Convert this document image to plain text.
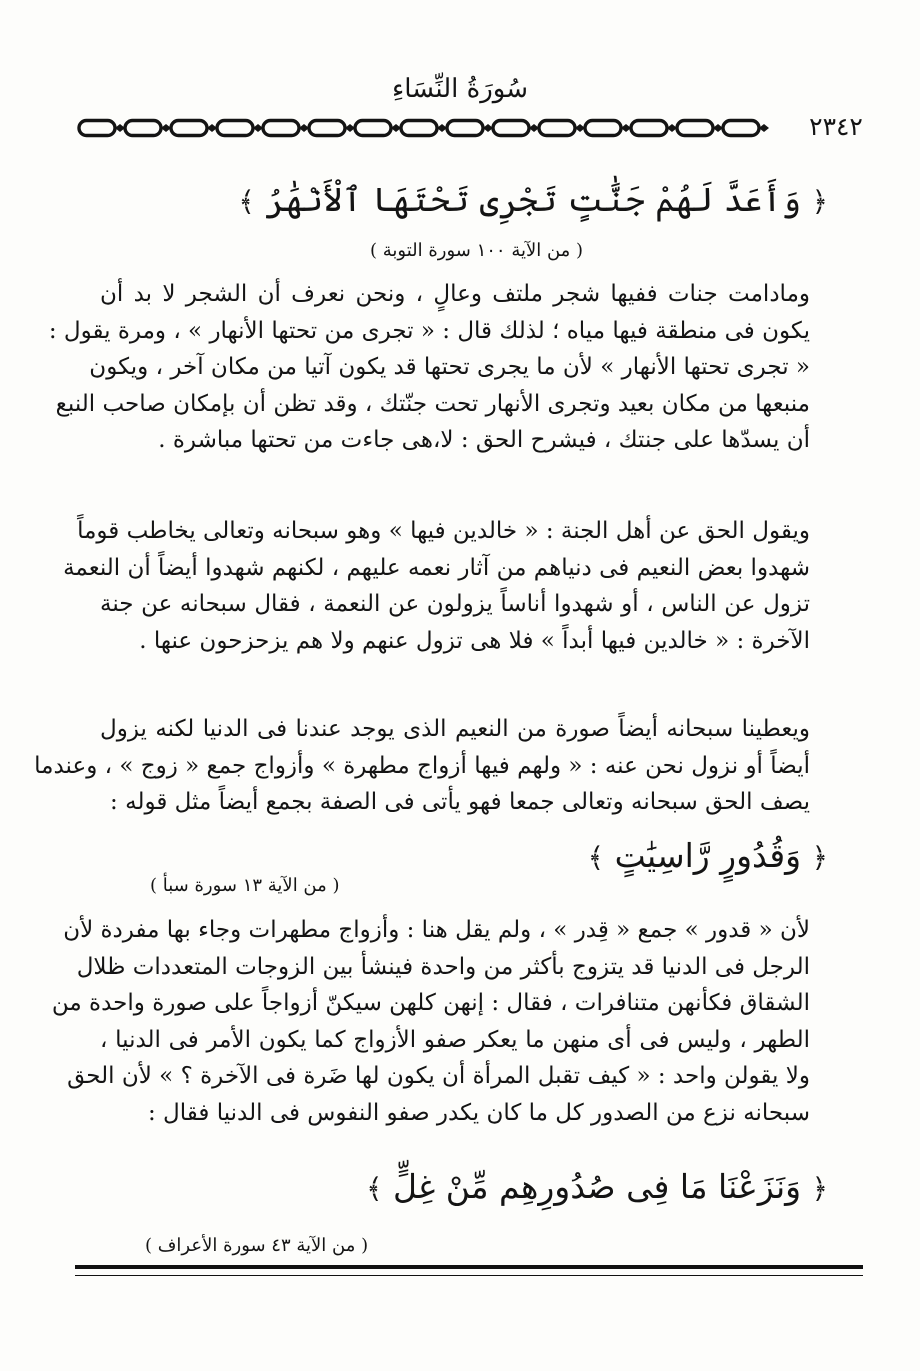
سُورَةُ النِّسَاءِ
٢٣٤٢
﴿ وَأَعَدَّ لَهُمْ جَنَّٰتٍ تَجْرِى تَحْتَهَا ٱلْأَنْهَٰرُ ﴾
( من الآية ١٠٠ سورة التوبة )
ومادامت جنات ففيها شجر ملتف وعالٍ ، ونحن نعرف أن الشجر لا بد أن
يكون فى منطقة فيها مياه ؛ لذلك قال : « تجرى من تحتها الأنهار » ، ومرة يقول :
« تجرى تحتها الأنهار » لأن ما يجرى تحتها قد يكون آتيا من مكان آخر ، ويكون
منبعها من مكان بعيد وتجرى الأنهار تحت جنّتك ، وقد تظن أن بإمكان صاحب النبع
أن يسدّها على جنتك ، فيشرح الحق : لا،هى جاءت من تحتها مباشرة .
ويقول الحق عن أهل الجنة : « خالدين فيها » وهو سبحانه وتعالى يخاطب قوماً
شهدوا بعض النعيم فى دنياهم من آثار نعمه عليهم ، لكنهم شهدوا أيضاً أن النعمة
تزول عن الناس ، أو شهدوا أناساً يزولون عن النعمة ، فقال سبحانه عن جنة
الآخرة : « خالدين فيها أبداً » فلا هى تزول عنهم ولا هم يزحزحون عنها .
ويعطينا سبحانه أيضاً صورة من النعيم الذى يوجد عندنا فى الدنيا لكنه يزول
أيضاً أو نزول نحن عنه : « ولهم فيها أزواج مطهرة » وأزواج جمع « زوج » ، وعندما
يصف الحق سبحانه وتعالى جمعا فهو يأتى فى الصفة بجمع أيضاً مثل قوله :
﴿ وَقُدُورٍ رَّاسِيَٰتٍ ﴾
( من الآية ١٣ سورة سبأ )
لأن « قدور » جمع « قِدر » ، ولم يقل هنا : وأزواج مطهرات وجاء بها مفردة لأن
الرجل فى الدنيا قد يتزوج بأكثر من واحدة فينشأ بين الزوجات المتعددات ظلال
الشقاق فكأنهن متنافرات ، فقال : إنهن كلهن سيكنّ أزواجاً على صورة واحدة من
الطهر ، وليس فى أى منهن ما يعكر صفو الأزواج كما يكون الأمر فى الدنيا ،
ولا يقولن واحد : « كيف تقبل المرأة أن يكون لها ضَرة فى الآخرة ؟ » لأن الحق
سبحانه نزع من الصدور كل ما كان يكدر صفو النفوس فى الدنيا فقال :
﴿ وَنَزَعْنَا مَا فِى صُدُورِهِم مِّنْ غِلٍّ ﴾
( من الآية ٤٣ سورة الأعراف )
